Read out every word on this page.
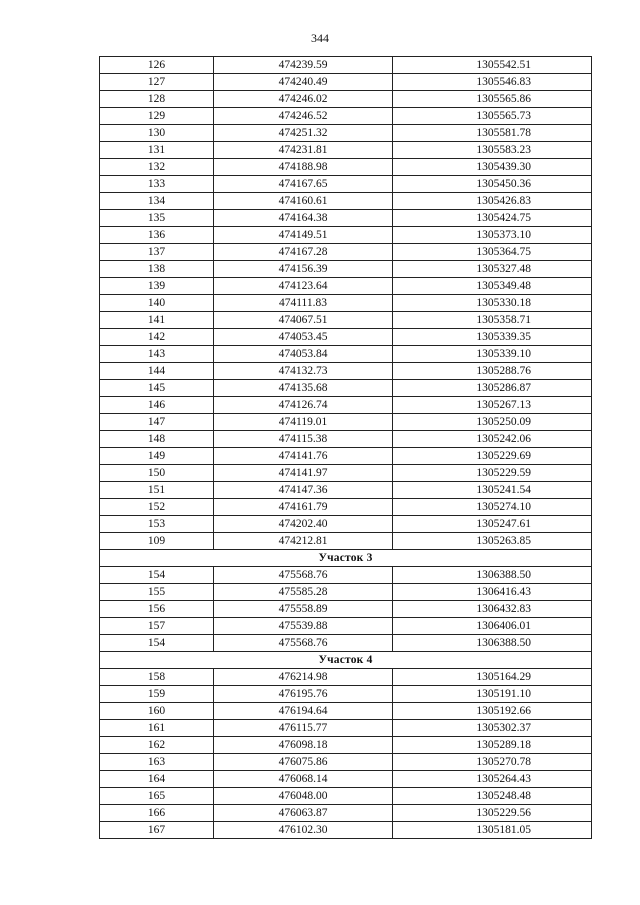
344
126	474239.59	1305542.51
127	474240.49	1305546.83
128	474246.02	1305565.86
129	474246.52	1305565.73
130	474251.32	1305581.78
131	474231.81	1305583.23
132	474188.98	1305439.30
133	474167.65	1305450.36
134	474160.61	1305426.83
135	474164.38	1305424.75
136	474149.51	1305373.10
137	474167.28	1305364.75
138	474156.39	1305327.48
139	474123.64	1305349.48
140	474111.83	1305330.18
141	474067.51	1305358.71
142	474053.45	1305339.35
143	474053.84	1305339.10
144	474132.73	1305288.76
145	474135.68	1305286.87
146	474126.74	1305267.13
147	474119.01	1305250.09
148	474115.38	1305242.06
149	474141.76	1305229.69
150	474141.97	1305229.59
151	474147.36	1305241.54
152	474161.79	1305274.10
153	474202.40	1305247.61
109	474212.81	1305263.85
Участок 3		
154	475568.76	1306388.50
155	475585.28	1306416.43
156	475558.89	1306432.83
157	475539.88	1306406.01
154	475568.76	1306388.50
Участок 4		
158	476214.98	1305164.29
159	476195.76	1305191.10
160	476194.64	1305192.66
161	476115.77	1305302.37
162	476098.18	1305289.18
163	476075.86	1305270.78
164	476068.14	1305264.43
165	476048.00	1305248.48
166	476063.87	1305229.56
167	476102.30	1305181.05
